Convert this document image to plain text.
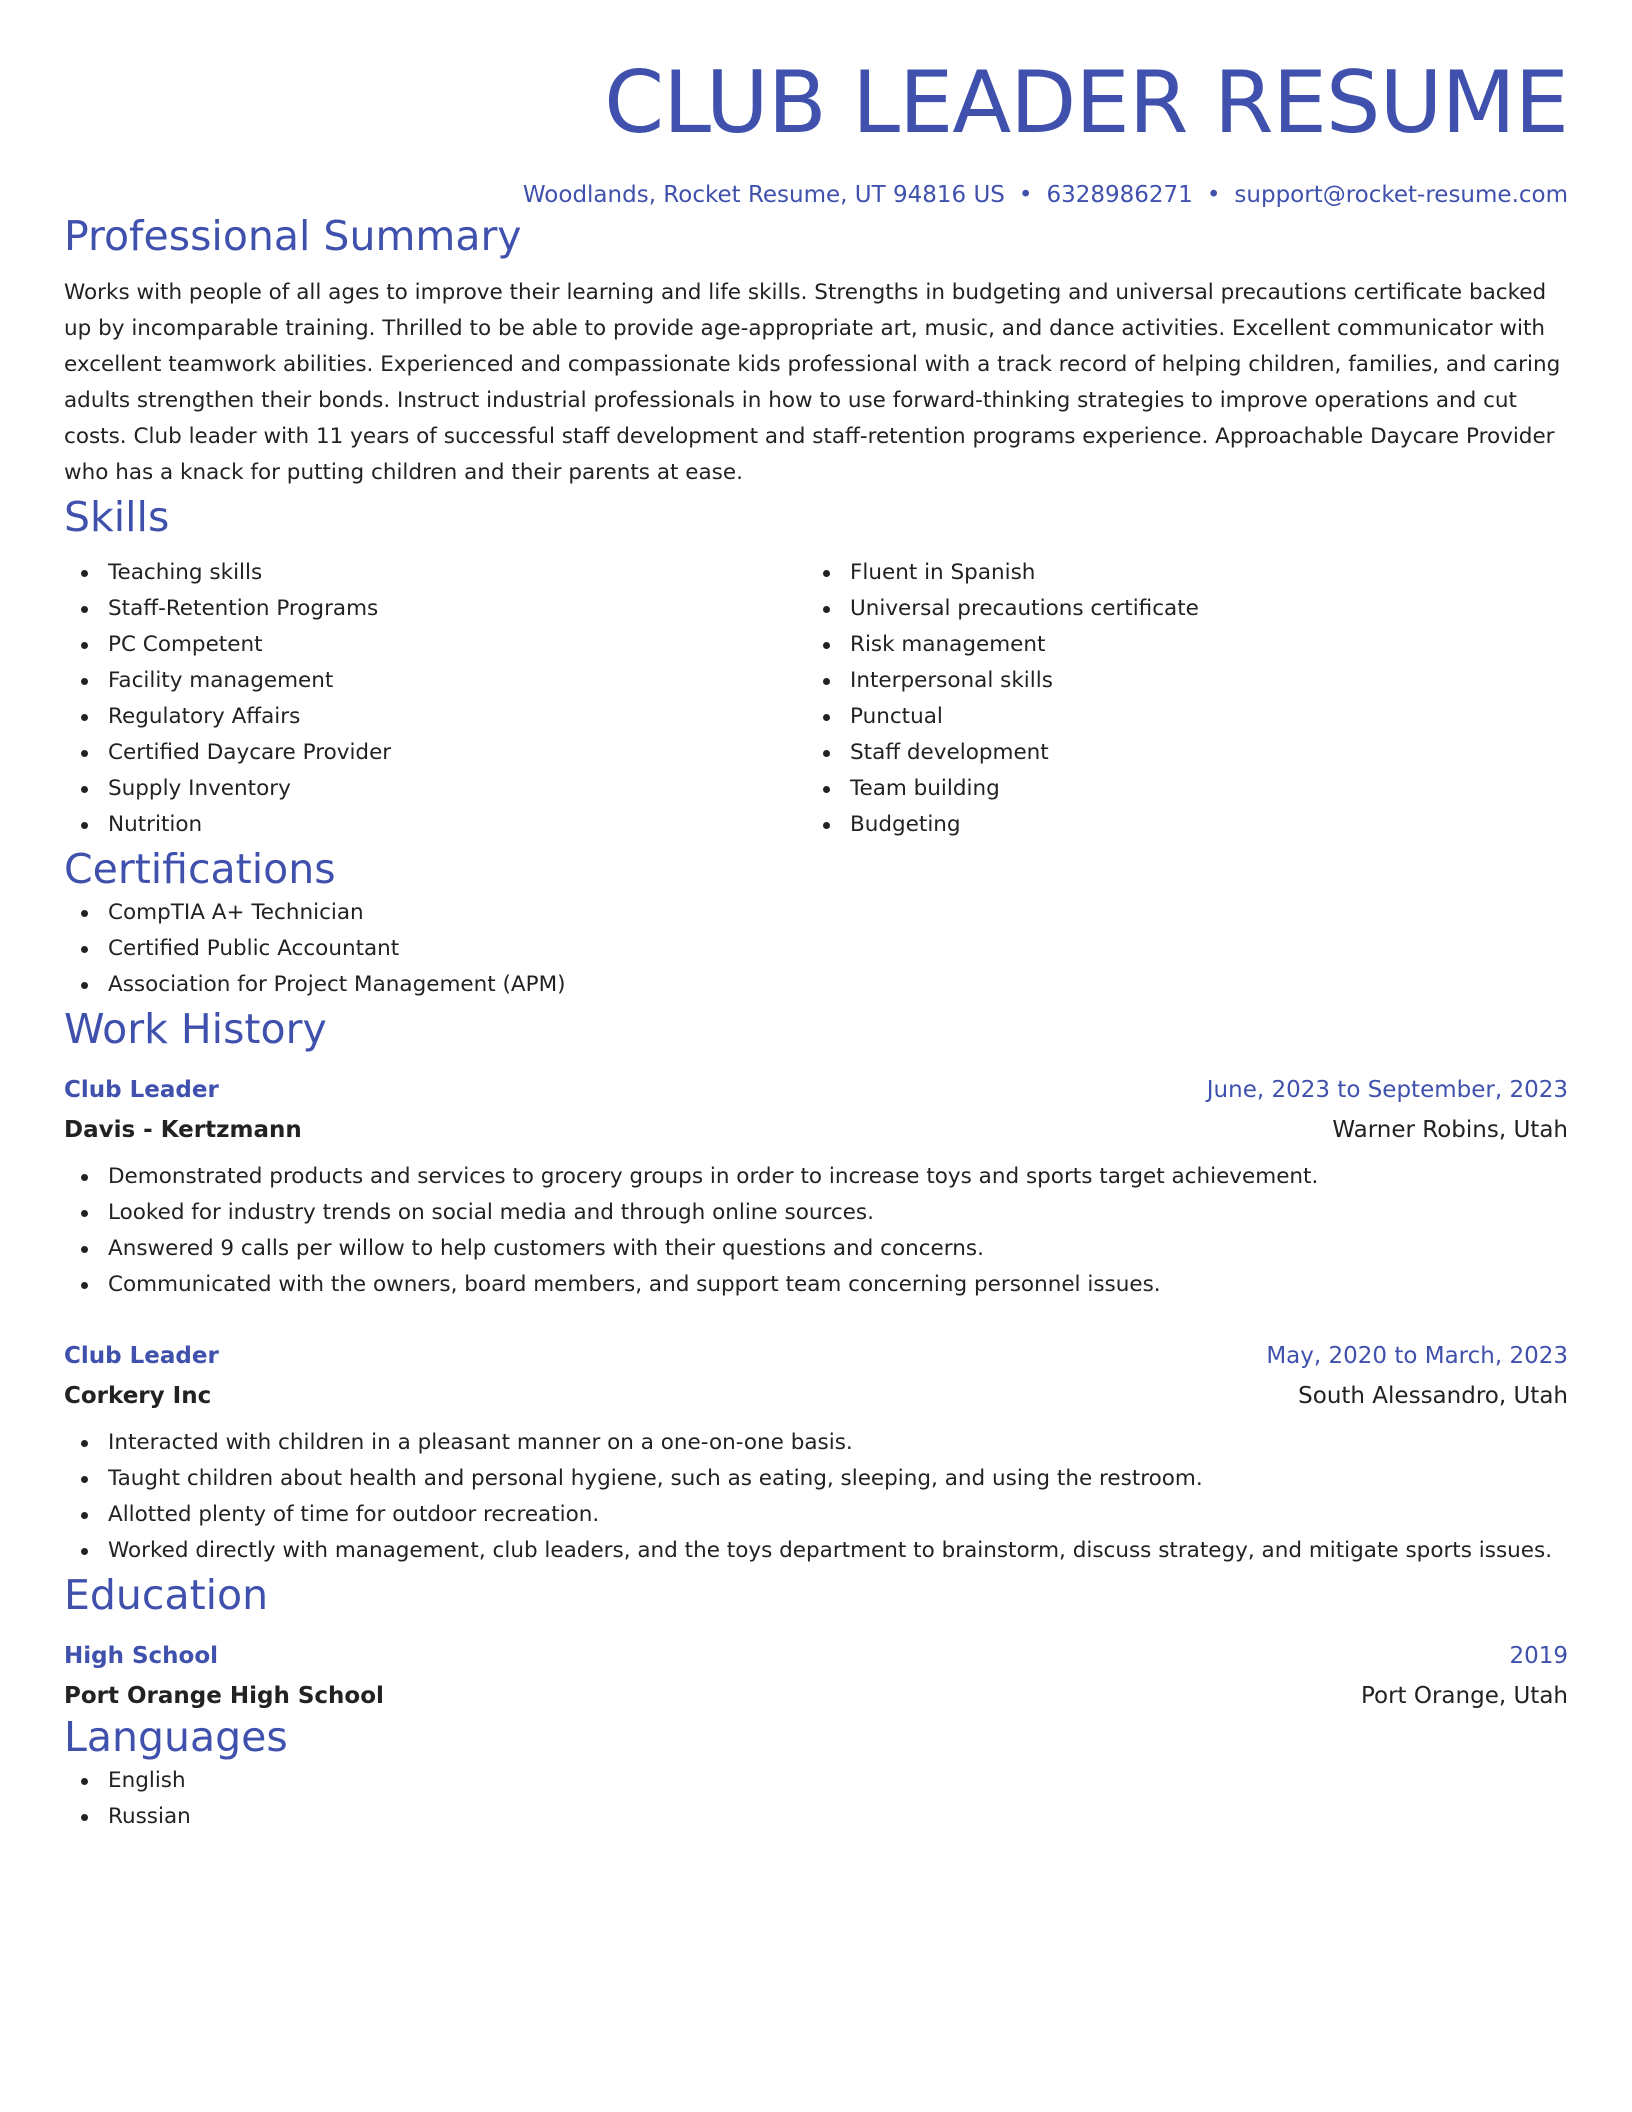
CLUB LEADER RESUME
Woodlands, Rocket Resume, UT 94816 US • 6328986271 • support@rocket-resume.com
Professional Summary
Works with people of all ages to improve their learning and life skills. Strengths in budgeting and universal precautions certificate backed up by incomparable training. Thrilled to be able to provide age-appropriate art, music, and dance activities. Excellent communicator with excellent teamwork abilities. Experienced and compassionate kids professional with a track record of helping children, families, and caring adults strengthen their bonds. Instruct industrial professionals in how to use forward-thinking strategies to improve operations and cut costs. Club leader with 11 years of successful staff development and staff-retention programs experience. Approachable Daycare Provider who has a knack for putting children and their parents at ease.
Skills
Teaching skills
Staff-Retention Programs
PC Competent
Facility management
Regulatory Affairs
Certified Daycare Provider
Supply Inventory
Nutrition
Fluent in Spanish
Universal precautions certificate
Risk management
Interpersonal skills
Punctual
Staff development
Team building
Budgeting
Certifications
CompTIA A+ Technician
Certified Public Accountant
Association for Project Management (APM)
Work History
Club Leader	June, 2023 to September, 2023
Davis - Kertzmann	Warner Robins, Utah
Demonstrated products and services to grocery groups in order to increase toys and sports target achievement.
Looked for industry trends on social media and through online sources.
Answered 9 calls per willow to help customers with their questions and concerns.
Communicated with the owners, board members, and support team concerning personnel issues.
Club Leader	May, 2020 to March, 2023
Corkery Inc	South Alessandro, Utah
Interacted with children in a pleasant manner on a one-on-one basis.
Taught children about health and personal hygiene, such as eating, sleeping, and using the restroom.
Allotted plenty of time for outdoor recreation.
Worked directly with management, club leaders, and the toys department to brainstorm, discuss strategy, and mitigate sports issues.
Education
High School	2019
Port Orange High School	Port Orange, Utah
Languages
English
Russian
